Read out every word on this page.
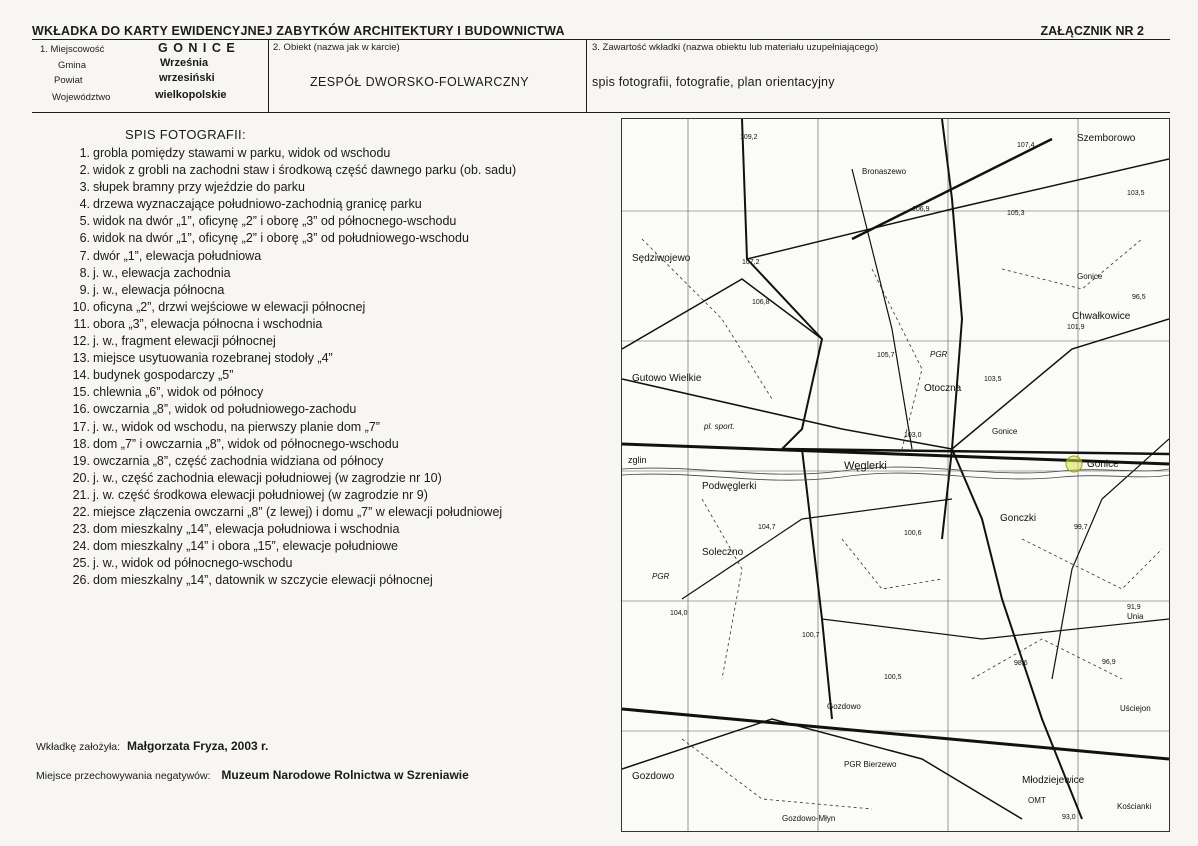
WKŁADKA DO KARTY EWIDENCYJNEJ ZABYTKÓW ARCHITEKTURY I BUDOWNICTWA	ZAŁĄCZNIK NR 2
1. Miejscowość	G O N I C E
Gmina	Września
Powiat	wrzesiński
Województwo	wielkopolskie
2. Obiekt (nazwa jak w karcie)
ZESPÓŁ DWORSKO-FOLWARCZNY
3. Zawartość wkładki (nazwa obiektu lub materiału uzupełniającego)
spis fotografii, fotografie, plan orientacyjny
SPIS FOTOGRAFII:
1. grobla pomiędzy stawami w parku, widok od wschodu
2. widok z grobli na zachodni staw i środkową część dawnego parku (ob. sadu)
3. słupek bramny przy wjeździe do parku
4. drzewa wyznaczające południowo-zachodnią granicę parku
5. widok na dwór „1”, oficynę „2” i oborę „3” od północnego-wschodu
6. widok na dwór „1”, oficynę „2” i oborę „3” od południowego-wschodu
7. dwór „1”, elewacja południowa
8. j. w., elewacja zachodnia
9. j. w., elewacja północna
10. oficyna „2”, drzwi wejściowe w elewacji północnej
11. obora „3”, elewacja północna i wschodnia
12. j. w., fragment elewacji północnej
13. miejsce usytuowania rozebranej stodoły „4”
14. budynek gospodarczy „5”
15. chlewnia „6”, widok od północy
16. owczarnia „8”, widok od południowego-zachodu
17. j. w., widok od wschodu, na pierwszy planie dom „7”
18. dom „7” i owczarnia „8”, widok od północnego-wschodu
19. owczarnia „8”, część zachodnia widziana od północy
20. j. w., część zachodnia elewacji południowej (w zagrodzie nr 10)
21. j. w. część środkowa elewacji południowej (w zagrodzie nr 9)
22. miejsce złączenia owczarni „8” (z lewej) i domu „7” w elewacji południowej
23. dom mieszkalny „14”, elewacja południowa i wschodnia
24. dom mieszkalny „14” i obora „15”, elewacje południowe
25. j. w., widok od północnego-wschodu
26. dom mieszkalny „14”, datownik w szczycie elewacji północnej
Wkładkę założyła: Małgorzata Fryza, 2003 r.
Miejsce przechowywania negatywów: Muzeum Narodowe Rolnictwa w Szreniawie
Szemborowo
Bronaszewo
Sędziwojewo
Chwałkowice
Gonice
Gutowo Wielkie
Otoczna
Węglerki
Podwęglerki
Gonice
Gonice
Gonczki
Soleczno
Gozdowo
Gozdowo
PGR Bierzewo
Młodziejewice
Kościanki
Uściejon
Unia
zglin
PGR
pl. sport.
Gozdowo-Młyn
PGR
OMT
109,2
107,4
103,5
106,9
105,3
107,2
106,8
105,7
103,5
101,9
103,0
100,6
104,7
104,0
100,7
100,5
98,6	96,9
99,7
91,9
93,0
96,5
